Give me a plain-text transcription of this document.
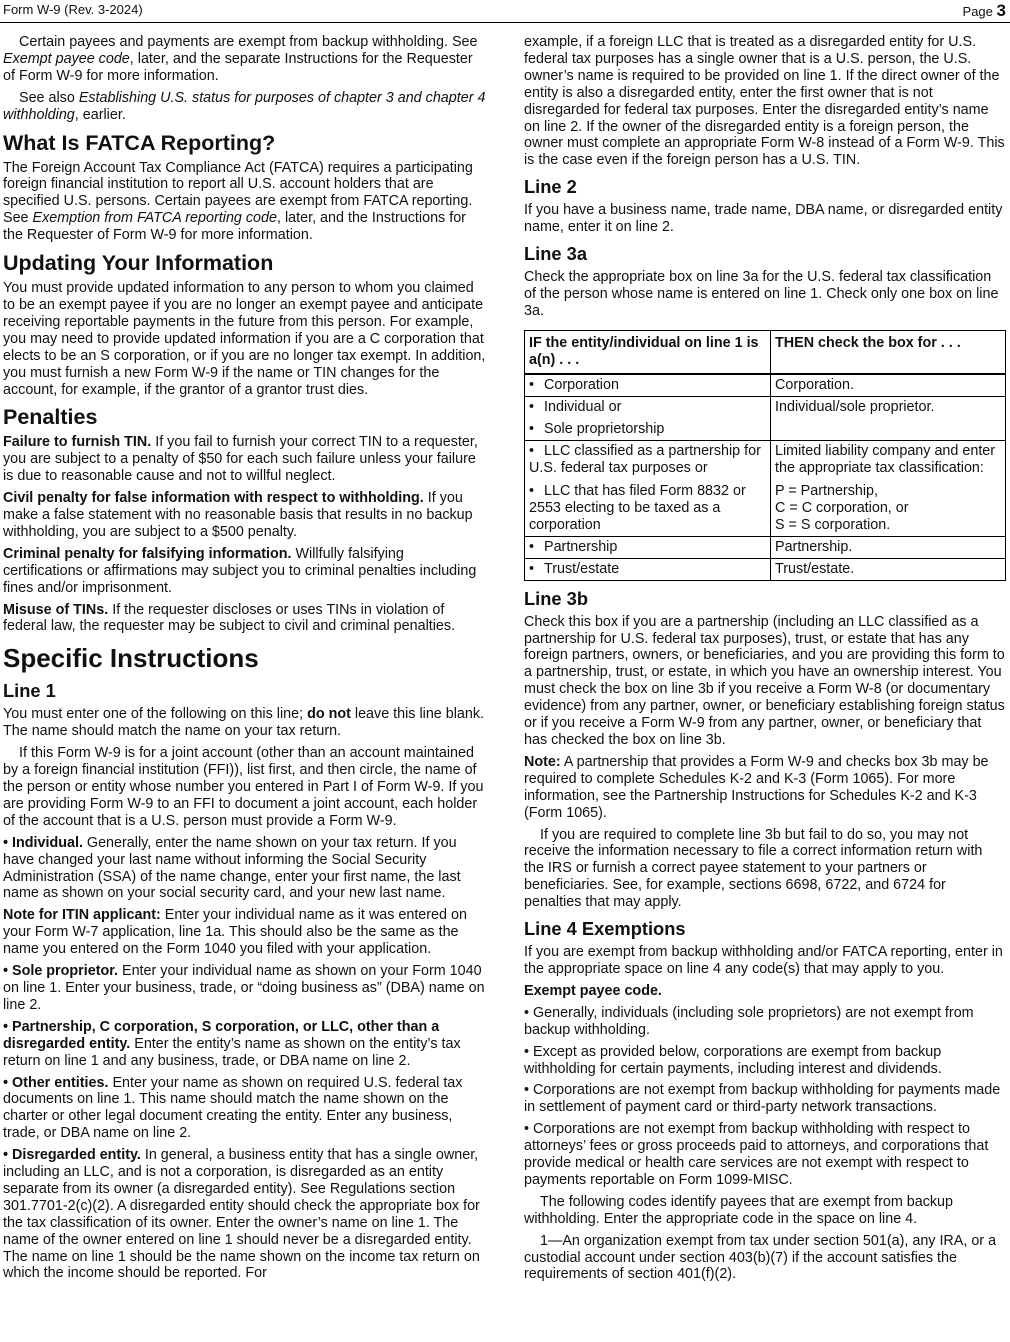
Form W-9 (Rev. 3-2024)	Page 3

Certain payees and payments are exempt from backup withholding. See Exempt payee code, later, and the separate Instructions for the Requester of Form W-9 for more information.

See also Establishing U.S. status for purposes of chapter 3 and chapter 4 withholding, earlier.

What Is FATCA Reporting?

The Foreign Account Tax Compliance Act (FATCA) requires a participating foreign financial institution to report all U.S. account holders that are specified U.S. persons. Certain payees are exempt from FATCA reporting. See Exemption from FATCA reporting code, later, and the Instructions for the Requester of Form W-9 for more information.

Updating Your Information

You must provide updated information to any person to whom you claimed to be an exempt payee if you are no longer an exempt payee and anticipate receiving reportable payments in the future from this person. For example, you may need to provide updated information if you are a C corporation that elects to be an S corporation, or if you are no longer tax exempt. In addition, you must furnish a new Form W-9 if the name or TIN changes for the account, for example, if the grantor of a grantor trust dies.

Penalties

Failure to furnish TIN. If you fail to furnish your correct TIN to a requester, you are subject to a penalty of $50 for each such failure unless your failure is due to reasonable cause and not to willful neglect.

Civil penalty for false information with respect to withholding. If you make a false statement with no reasonable basis that results in no backup withholding, you are subject to a $500 penalty.

Criminal penalty for falsifying information. Willfully falsifying certifications or affirmations may subject you to criminal penalties including fines and/or imprisonment.

Misuse of TINs. If the requester discloses or uses TINs in violation of federal law, the requester may be subject to civil and criminal penalties.

Specific Instructions
Line 1

You must enter one of the following on this line; do not leave this line blank. The name should match the name on your tax return.

If this Form W-9 is for a joint account (other than an account maintained by a foreign financial institution (FFI)), list first, and then circle, the name of the person or entity whose number you entered in Part I of Form W-9. If you are providing Form W-9 to an FFI to document a joint account, each holder of the account that is a U.S. person must provide a Form W-9.

• Individual. Generally, enter the name shown on your tax return. If you have changed your last name without informing the Social Security Administration (SSA) of the name change, enter your first name, the last name as shown on your social security card, and your new last name.

Note for ITIN applicant: Enter your individual name as it was entered on your Form W-7 application, line 1a. This should also be the same as the name you entered on the Form 1040 you filed with your application.

• Sole proprietor. Enter your individual name as shown on your Form 1040 on line 1. Enter your business, trade, or “doing business as” (DBA) name on line 2.

• Partnership, C corporation, S corporation, or LLC, other than a disregarded entity. Enter the entity’s name as shown on the entity’s tax return on line 1 and any business, trade, or DBA name on line 2.

• Other entities. Enter your name as shown on required U.S. federal tax documents on line 1. This name should match the name shown on the charter or other legal document creating the entity. Enter any business, trade, or DBA name on line 2.

• Disregarded entity. In general, a business entity that has a single owner, including an LLC, and is not a corporation, is disregarded as an entity separate from its owner (a disregarded entity). See Regulations section 301.7701-2(c)(2). A disregarded entity should check the appropriate box for the tax classification of its owner. Enter the owner’s name on line 1. The name of the owner entered on line 1 should never be a disregarded entity. The name on line 1 should be the name shown on the income tax return on which the income should be reported. For

example, if a foreign LLC that is treated as a disregarded entity for U.S. federal tax purposes has a single owner that is a U.S. person, the U.S. owner’s name is required to be provided on line 1. If the direct owner of the entity is also a disregarded entity, enter the first owner that is not disregarded for federal tax purposes. Enter the disregarded entity’s name on line 2. If the owner of the disregarded entity is a foreign person, the owner must complete an appropriate Form W-8 instead of a Form W-9. This is the case even if the foreign person has a U.S. TIN.

Line 2

If you have a business name, trade name, DBA name, or disregarded entity name, enter it on line 2.

Line 3a

Check the appropriate box on line 3a for the U.S. federal tax classification of the person whose name is entered on line 1. Check only one box on line 3a.

IF the entity/individual on line 1 is a(n) . . .	THEN check the box for . . .
• Corporation	Corporation.
• Individual or
• Sole proprietorship	Individual/sole proprietor.
• LLC classified as a partnership for U.S. federal tax purposes or
• LLC that has filed Form 8832 or 2553 electing to be taxed as a corporation	Limited liability company and enter the appropriate tax classification:
P = Partnership,
C = C corporation, or
S = S corporation.
• Partnership	Partnership.
• Trust/estate	Trust/estate.
Line 3b

Check this box if you are a partnership (including an LLC classified as a partnership for U.S. federal tax purposes), trust, or estate that has any foreign partners, owners, or beneficiaries, and you are providing this form to a partnership, trust, or estate, in which you have an ownership interest. You must check the box on line 3b if you receive a Form W-8 (or documentary evidence) from any partner, owner, or beneficiary establishing foreign status or if you receive a Form W-9 from any partner, owner, or beneficiary that has checked the box on line 3b.

Note: A partnership that provides a Form W-9 and checks box 3b may be required to complete Schedules K-2 and K-3 (Form 1065). For more information, see the Partnership Instructions for Schedules K-2 and K-3 (Form 1065).

If you are required to complete line 3b but fail to do so, you may not receive the information necessary to file a correct information return with the IRS or furnish a correct payee statement to your partners or beneficiaries. See, for example, sections 6698, 6722, and 6724 for penalties that may apply.

Line 4 Exemptions

If you are exempt from backup withholding and/or FATCA reporting, enter in the appropriate space on line 4 any code(s) that may apply to you.

Exempt payee code.

• Generally, individuals (including sole proprietors) are not exempt from backup withholding.

• Except as provided below, corporations are exempt from backup withholding for certain payments, including interest and dividends.

• Corporations are not exempt from backup withholding for payments made in settlement of payment card or third-party network transactions.

• Corporations are not exempt from backup withholding with respect to attorneys’ fees or gross proceeds paid to attorneys, and corporations that provide medical or health care services are not exempt with respect to payments reportable on Form 1099-MISC.

The following codes identify payees that are exempt from backup withholding. Enter the appropriate code in the space on line 4.

1—An organization exempt from tax under section 501(a), any IRA, or a custodial account under section 403(b)(7) if the account satisfies the requirements of section 401(f)(2).
